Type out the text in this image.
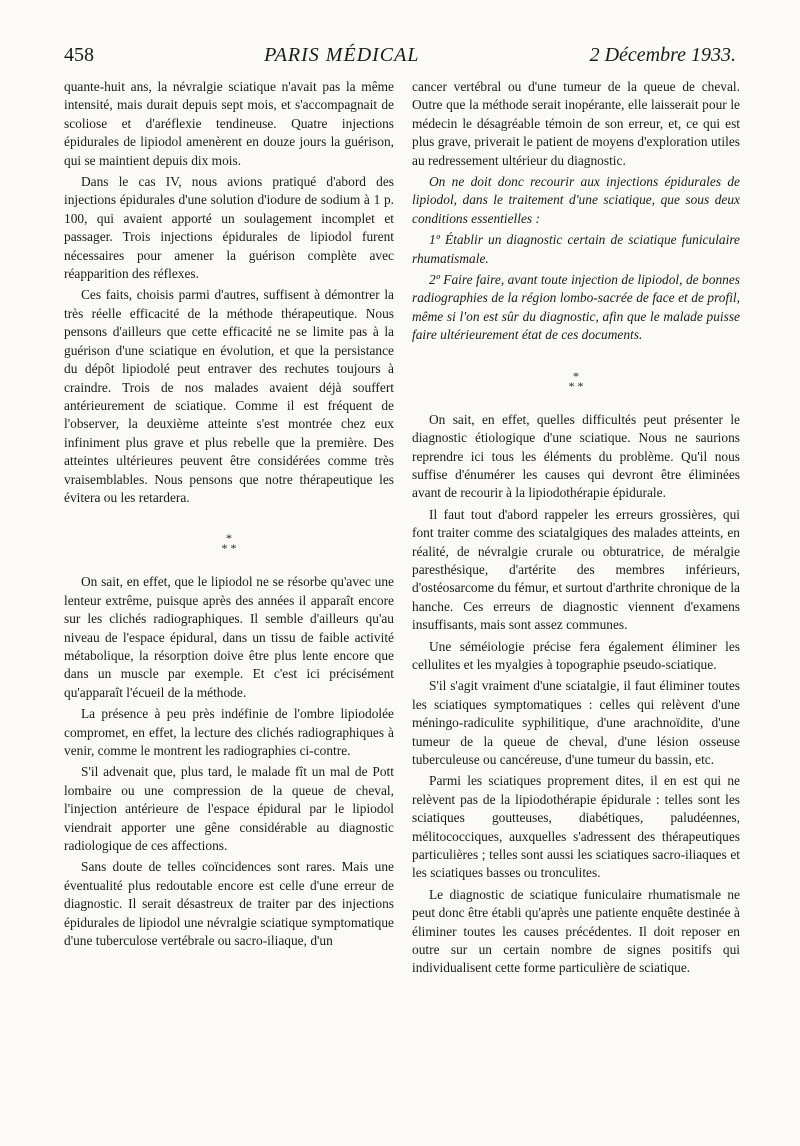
458	PARIS MÉDICAL	2 Décembre 1933.

quante-huit ans, la névralgie sciatique n'avait pas la même intensité, mais durait depuis sept mois, et s'accompagnait de scoliose et d'aréflexie tendineuse. Quatre injections épidurales de lipiodol amenèrent en douze jours la guérison, qui se maintient depuis dix mois.

Dans le cas IV, nous avions pratiqué d'abord des injections épidurales d'une solution d'iodure de sodium à 1 p. 100, qui avaient apporté un soulagement incomplet et passager. Trois injections épidurales de lipiodol furent nécessaires pour amener la guérison complète avec réapparition des réflexes.

Ces faits, choisis parmi d'autres, suffisent à démontrer la très réelle efficacité de la méthode thérapeutique. Nous pensons d'ailleurs que cette efficacité ne se limite pas à la guérison d'une sciatique en évolution, et que la persistance du dépôt lipiodolé peut entraver des rechutes toujours à craindre. Trois de nos malades avaient déjà souffert antérieurement de sciatique. Comme il est fréquent de l'observer, la deuxième atteinte s'est montrée chez eux infiniment plus grave et plus rebelle que la première. Des atteintes ultérieures peuvent être considérées comme très vraisemblables. Nous pensons que notre thérapeutique les évitera ou les retardera.

*
* *

On sait, en effet, que le lipiodol ne se résorbe qu'avec une lenteur extrême, puisque après des années il apparaît encore sur les clichés radiographiques. Il semble d'ailleurs qu'au niveau de l'espace épidural, dans un tissu de faible activité métabolique, la résorption doive être plus lente encore que dans un muscle par exemple. Et c'est ici précisément qu'apparaît l'écueil de la méthode.

La présence à peu près indéfinie de l'ombre lipiodolée compromet, en effet, la lecture des clichés radiographiques à venir, comme le montrent les radiographies ci-contre.

S'il advenait que, plus tard, le malade fît un mal de Pott lombaire ou une compression de la queue de cheval, l'injection antérieure de l'espace épidural par le lipiodol viendrait apporter une gêne considérable au diagnostic radiologique de ces affections.

Sans doute de telles coïncidences sont rares. Mais une éventualité plus redoutable encore est celle d'une erreur de diagnostic. Il serait désastreux de traiter par des injections épidurales de lipiodol une névralgie sciatique symptomatique d'une tuberculose vertébrale ou sacro-iliaque, d'un

cancer vertébral ou d'une tumeur de la queue de cheval. Outre que la méthode serait inopérante, elle laisserait pour le médecin le désagréable témoin de son erreur, et, ce qui est plus grave, priverait le patient de moyens d'exploration utiles au redressement ultérieur du diagnostic.

On ne doit donc recourir aux injections épidurales de lipiodol, dans le traitement d'une sciatique, que sous deux conditions essentielles :

1º Établir un diagnostic certain de sciatique funiculaire rhumatismale.

2º Faire faire, avant toute injection de lipiodol, de bonnes radiographies de la région lombo-sacrée de face et de profil, même si l'on est sûr du diagnostic, afin que le malade puisse faire ultérieurement état de ces documents.

*
* *

On sait, en effet, quelles difficultés peut présenter le diagnostic étiologique d'une sciatique. Nous ne saurions reprendre ici tous les éléments du problème. Qu'il nous suffise d'énumérer les causes qui devront être éliminées avant de recourir à la lipiodothérapie épidurale.

Il faut tout d'abord rappeler les erreurs grossières, qui font traiter comme des sciatalgiques des malades atteints, en réalité, de névralgie crurale ou obturatrice, de méralgie paresthésique, d'artérite des membres inférieurs, d'ostéosarcome du fémur, et surtout d'arthrite chronique de la hanche. Ces erreurs de diagnostic viennent d'examens insuffisants, mais sont assez communes.

Une séméiologie précise fera également éliminer les cellulites et les myalgies à topographie pseudo-sciatique.

S'il s'agit vraiment d'une sciatalgie, il faut éliminer toutes les sciatiques symptomatiques : celles qui relèvent d'une méningo-radiculite syphilitique, d'une arachnoïdite, d'une tumeur de la queue de cheval, d'une lésion osseuse tuberculeuse ou cancéreuse, d'une tumeur du bassin, etc.

Parmi les sciatiques proprement dites, il en est qui ne relèvent pas de la lipiodothérapie épidurale : telles sont les sciatiques goutteuses, diabétiques, paludéennes, mélitococciques, auxquelles s'adressent des thérapeutiques particulières ; telles sont aussi les sciatiques sacro-iliaques et les sciatiques basses ou tronculites.

Le diagnostic de sciatique funiculaire rhumatismale ne peut donc être établi qu'après une patiente enquête destinée à éliminer toutes les causes précédentes. Il doit reposer en outre sur un certain nombre de signes positifs qui individualisent cette forme particulière de sciatique.
